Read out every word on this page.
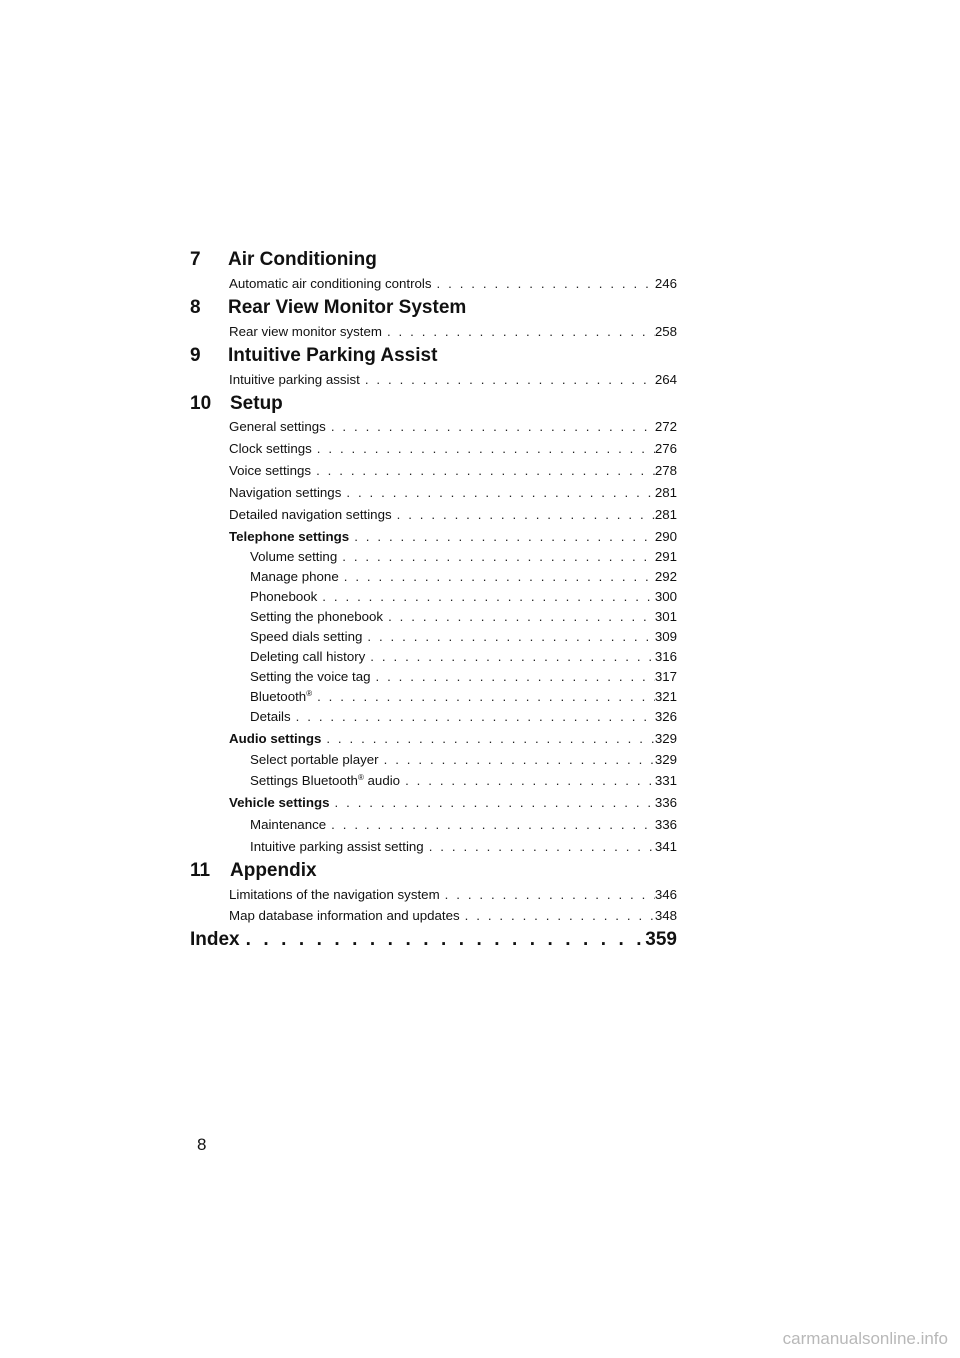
7	Air Conditioning
Automatic air conditioning controls . . .	246
8	Rear View Monitor System
Rear view monitor system . . .	258
9	Intuitive Parking Assist
Intuitive parking assist . . .	264
10 Setup
General settings . . .	272
Clock settings . . .	276
Voice settings . . .	278
Navigation settings . . .	281
Detailed navigation settings . . .	281
Telephone settings . . .	290
Volume setting . . .	291
Manage phone . . .	292
Phonebook . . .	300
Setting the phonebook . . .	301
Speed dials setting . . .	309
Deleting call history . . .	316
Setting the voice tag . . .	317
Bluetooth® . . .	321
Details . . .	326
Audio settings . . .	329
Select portable player . . .	329
Settings Bluetooth® audio . . .	331
Vehicle settings . . .	336
Maintenance . . .	336
Intuitive parking assist setting . . .	341
11	Appendix
Limitations of the navigation system . . .	346
Map database information and updates . . .	348
Index . . .	359
8
carmanualsonline.info
